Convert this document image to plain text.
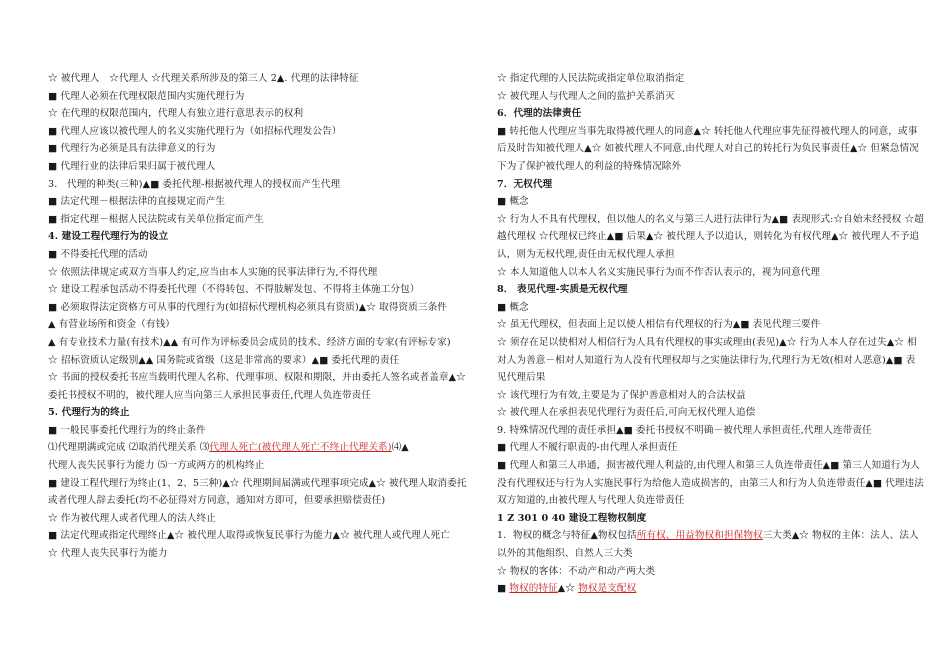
☆ 被代理人　☆代理人 ☆代理关系所涉及的第三人 2▲. 代理的法律特征
■ 代理人必须在代理权限范围内实施代理行为
☆ 在代理的权限范围内，代理人有独立进行意思表示的权利
■ 代理人应该以被代理人的名义实施代理行为（如招标代理发公告）
■ 代理行为必须是具有法律意义的行为
■ 代理行业的法律后果归属于被代理人
3． 代理的种类(三种)▲■ 委托代理-根据被代理人的授权而产生代理
■ 法定代理－根据法律的直接规定而产生
■ 指定代理－根据人民法院或有关单位指定而产生
4. 建设工程代理行为的设立
■ 不得委托代理的活动
☆ 依照法律规定或双方当事人约定,应当由本人实施的民事法律行为,不得代理
☆ 建设工程承包活动不得委托代理（不得转包、不得肢解发包、不得将主体施工分包）
■ 必须取得法定资格方可从事的代理行为(如招标代理机构必须具有资质)▲☆ 取得资质三条件
▲ 有营业场所和资金（有钱）
▲ 有专业技术力量(有技术)▲▲ 有可作为评标委员会成员的技术、经济方面的专家(有评标专家)
☆ 招标资质认定级别▲▲ 国务院或省级（这是非常高的要求）▲■ 委托代理的责任
☆ 书面的授权委托书应当载明代理人名称、代理事项、权限和期限，并由委托人签名或者盖章▲☆ 委托书授权不明的，被代理人应当向第三人承担民事责任,代理人负连带责任
5. 代理行为的终止
■ 一般民事委托代理行为的终止条件
⑴代理期满或完成 ⑵取消代理关系 ⑶代理人死亡(被代理人死亡不终止代理关系)⑷▲
代理人丧失民事行为能力 ⑸一方或两方的机构终止
■ 建设工程代理行为终止(1、2、5三种)▲☆ 代理期间届满或代理事项完成▲☆ 被代理人取消委托或者代理人辞去委托(均不必征得对方同意，通知对方即可，但要承担赔偿责任)
☆ 作为被代理人或者代理人的法人终止
■ 法定代理或指定代理终止▲☆ 被代理人取得或恢复民事行为能力▲☆ 被代理人或代理人死亡
☆ 代理人丧失民事行为能力
☆ 指定代理的人民法院或指定单位取消指定
☆ 被代理人与代理人之间的监护关系消灭
6．代理的法律责任
■ 转托他人代理应当事先取得被代理人的同意▲☆ 转托他人代理应事先征得被代理人的同意，或事后及时告知被代理人▲☆ 如被代理人不同意,由代理人对自己的转托行为负民事责任▲☆ 但紧急情况下为了保护被代理人的利益的特殊情况除外
7．无权代理
■ 概念
☆ 行为人不具有代理权，但以他人的名义与第三人进行法律行为▲■ 表现形式:☆自始未经授权 ☆超越代理权 ☆代理权已终止▲■ 后果▲☆ 被代理人予以追认，则转化为有权代理▲☆ 被代理人不予追认，则为无权代理,责任由无权代理人承担
☆ 本人知道他人以本人名义实施民事行为而不作否认表示的，视为同意代理
8． 表见代理-实质是无权代理
■ 概念
☆ 虽无代理权，但表面上足以使人相信有代理权的行为▲■ 表见代理三要件
☆ 须存在足以使相对人相信行为人具有代理权的事实或理由(表见)▲☆ 行为人本人存在过失▲☆ 相对人为善意－相对人知道行为人没有代理权却与之实施法律行为,代理行为无效(相对人恶意)▲■ 表见代理后果
☆ 该代理行为有效,主要是为了保护善意相对人的合法权益
☆ 被代理人在承担表见代理行为责任后,可向无权代理人追偿
9. 特殊情况代理的责任承担▲■ 委托书授权不明确－被代理人承担责任,代理人连带责任
■ 代理人不履行职责的-由代理人承担责任
■ 代理人和第三人串通，损害被代理人利益的,由代理人和第三人负连带责任▲■ 第三人知道行为人没有代理权还与行为人实施民事行为给他人造成损害的，由第三人和行为人负连带责任▲■ 代理违法双方知道的,由被代理人与代理人负连带责任
1 Z 301 0 40 建设工程物权制度
1．物权的概念与特征▲物权包括所有权、用益物权和担保物权三大类▲☆ 物权的主体：法人、法人以外的其他组织、自然人三大类
☆ 物权的客体：不动产和动产两大类
■ 物权的特征▲☆ 物权是支配权
